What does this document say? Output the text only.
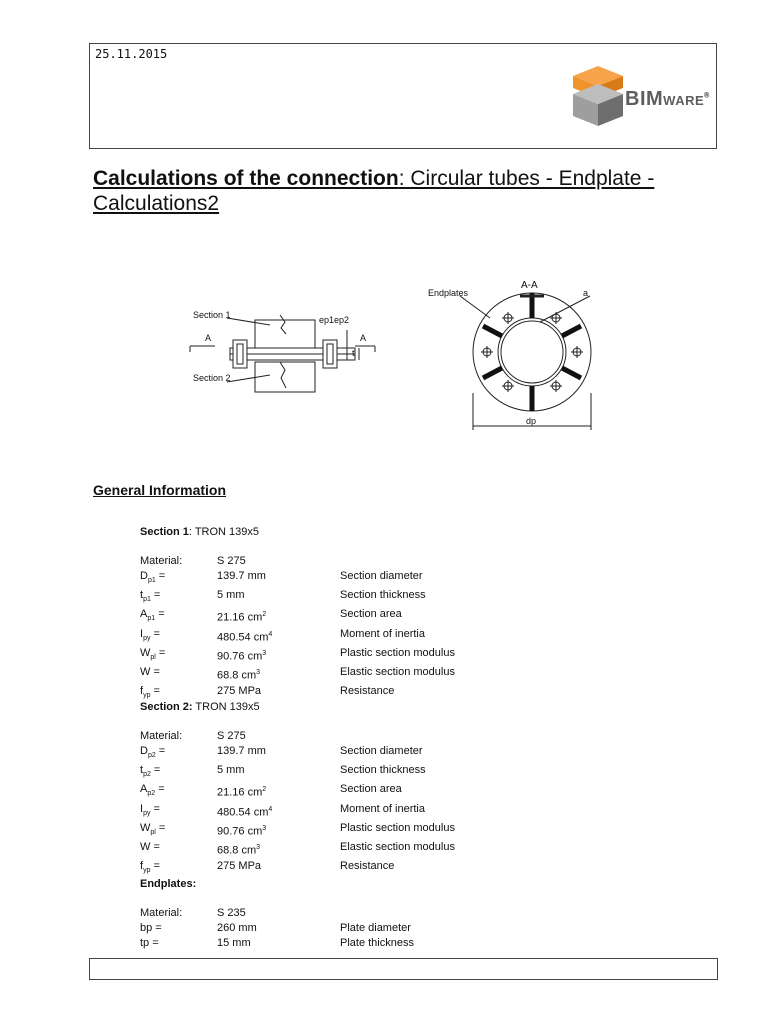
25.11.2015
BIMWARE®
Calculations of the connection: Circular tubes - Endplate - Calculations2
Section 1
Section 2
ep1ep2
A	A
t
Endplates
A-A
a
dp
General Information
Section 1: TRON 139x5
Material:	S 275	
$D_{p1}$ =	139.7 mm	Section diameter
$t_{p1}$ =	5 mm	Section thickness
$A_{p1}$ =	21.16 $cm^2$	Section area
$I_{py}$ =	480.54 $cm^4$	Moment of inertia
$W_{pl}$ =	90.76 $cm^3$	Plastic section modulus
W =	68.8 $cm^3$	Elastic section modulus
$f_{yp}$ =	275 MPa	Resistance
Section 2: TRON 139x5
Material:	S 275	
$D_{p2}$ =	139.7 mm	Section diameter
$t_{p2}$ =	5 mm	Section thickness
$A_{p2}$ =	21.16 $cm^2$	Section area
$I_{py}$ =	480.54 $cm^4$	Moment of inertia
$W_{pl}$ =	90.76 $cm^3$	Plastic section modulus
W =	68.8 $cm^3$	Elastic section modulus
$f_{yp}$ =	275 MPa	Resistance
Endplates:
Material:	S 235	
bp =	260 mm	Plate diameter
tp =	15 mm	Plate thickness
